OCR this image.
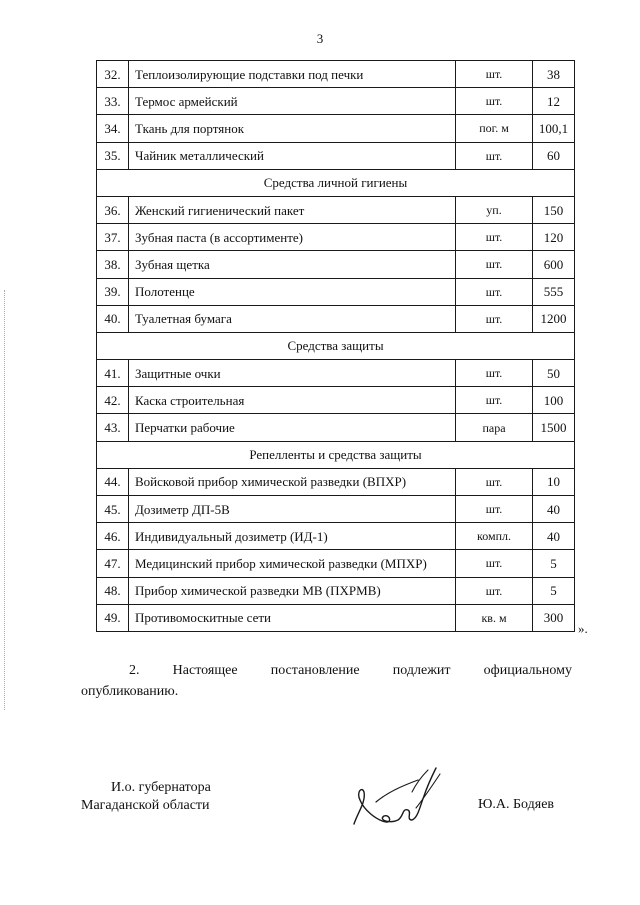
3
32.	Теплоизолирующие подставки под печки	шт.	38
33.	Термос армейский	шт.	12
34.	Ткань для портянок	пог. м	100,1
35.	Чайник металлический	шт.	60
Средства личной гигиены			
36.	Женский гигиенический пакет	уп.	150
37.	Зубная паста (в ассортименте)	шт.	120
38.	Зубная щетка	шт.	600
39.	Полотенце	шт.	555
40.	Туалетная бумага	шт.	1200
Средства защиты			
41.	Защитные очки	шт.	50
42.	Каска строительная	шт.	100
43.	Перчатки рабочие	пара	1500
Репелленты и средства защиты			
44.	Войсковой прибор химической разведки (ВПХР)	шт.	10
45.	Дозиметр ДП-5В	шт.	40
46.	Индивидуальный дозиметр (ИД-1)	компл.	40
47.	Медицинский прибор химической разведки (МПХР)	шт.	5
48.	Прибор химической разведки МВ (ПХРМВ)	шт.	5
49.	Противомоскитные сети	кв. м	300
».
2. Настоящее постановление подлежит официальному
опубликованию.
И.о. губернатора
Магаданской области	Ю.А. Бодяев
